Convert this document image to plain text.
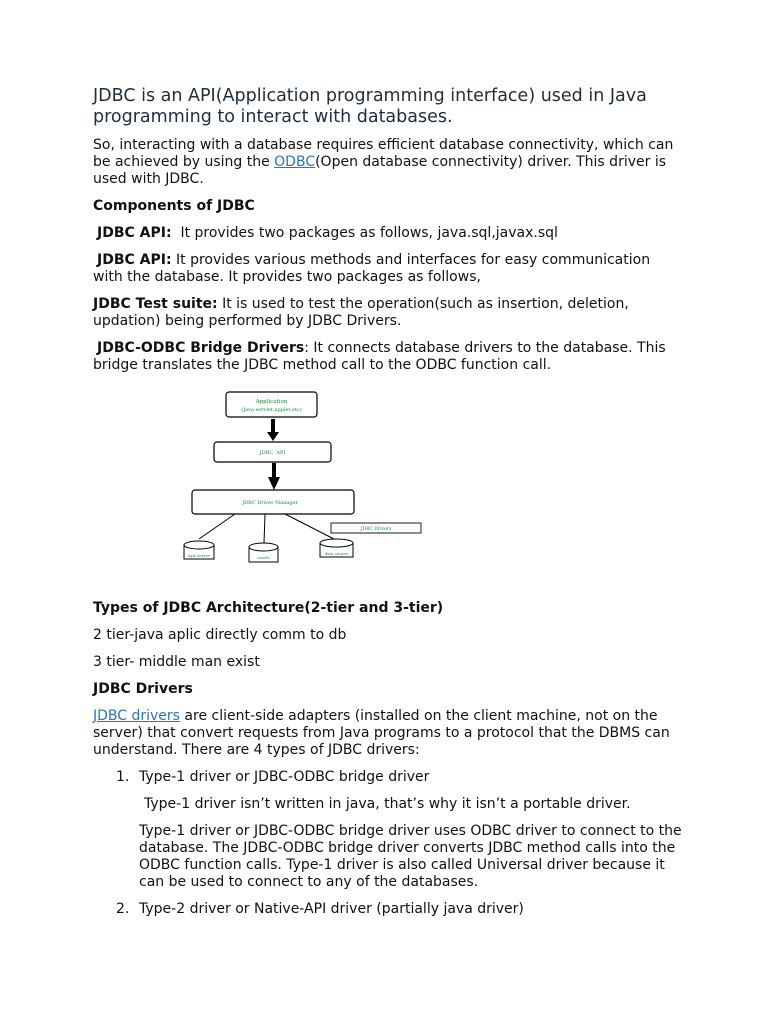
JDBC is an API(Application programming interface) used in Java programming to interact with databases.

So, interacting with a database requires efficient database connectivity, which can be achieved by using the ODBC(Open database connectivity) driver. This driver is used with JDBC.

Components of JDBC

JDBC API:  It provides two packages as follows, java.sql,javax.sql

JDBC API: It provides various methods and interfaces for easy communication with the database. It provides two packages as follows,

JDBC Test suite: It is used to test the operation(such as insertion, deletion, updation) being performed by JDBC Drivers.

JDBC-ODBC Bridge Drivers: It connects database drivers to the database. This bridge translates the JDBC method call to the ODBC function call.

Application
(Java servlet,applet,etc)
JDBC  API
JDBC Driver Manager
JDBC Drivers
sqls server	oracle
data source

Types of JDBC Architecture(2-tier and 3-tier)

2 tier-java aplic directly comm to db

3 tier- middle man exist

JDBC Drivers

JDBC drivers are client-side adapters (installed on the client machine, not on the server) that convert requests from Java programs to a protocol that the DBMS can understand. There are 4 types of JDBC drivers:

1. Type-1 driver or JDBC-ODBC bridge driver
Type-1 driver isn’t written in java, that’s why it isn’t a portable driver.
Type-1 driver or JDBC-ODBC bridge driver uses ODBC driver to connect to the database. The JDBC-ODBC bridge driver converts JDBC method calls into the ODBC function calls. Type-1 driver is also called Universal driver because it can be used to connect to any of the databases.
2. Type-2 driver or Native-API driver (partially java driver)
